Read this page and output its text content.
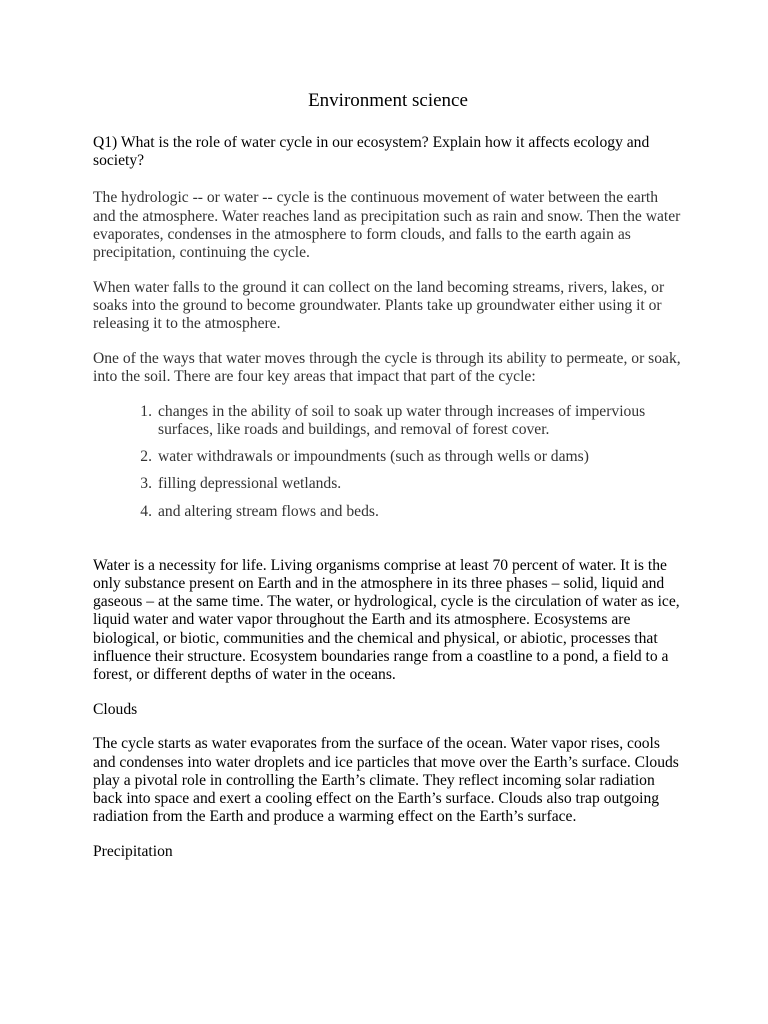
Environment science

Q1) What is the role of water cycle in our ecosystem? Explain how it affects ecology and society?

The hydrologic -- or water -- cycle is the continuous movement of water between the earth and the atmosphere. Water reaches land as precipitation such as rain and snow. Then the water evaporates, condenses in the atmosphere to form clouds, and falls to the earth again as precipitation, continuing the cycle.

When water falls to the ground it can collect on the land becoming streams, rivers, lakes, or soaks into the ground to become groundwater. Plants take up groundwater either using it or releasing it to the atmosphere.

One of the ways that water moves through the cycle is through its ability to permeate, or soak, into the soil. There are four key areas that impact that part of the cycle:

1. changes in the ability of soil to soak up water through increases of impervious surfaces, like roads and buildings, and removal of forest cover.
2. water withdrawals or impoundments (such as through wells or dams)
3. filling depressional wetlands.
4. and altering stream flows and beds.

Water is a necessity for life. Living organisms comprise at least 70 percent of water. It is the only substance present on Earth and in the atmosphere in its three phases – solid, liquid and gaseous – at the same time. The water, or hydrological, cycle is the circulation of water as ice, liquid water and water vapor throughout the Earth and its atmosphere. Ecosystems are biological, or biotic, communities and the chemical and physical, or abiotic, processes that influence their structure. Ecosystem boundaries range from a coastline to a pond, a field to a forest, or different depths of water in the oceans.

Clouds

The cycle starts as water evaporates from the surface of the ocean. Water vapor rises, cools and condenses into water droplets and ice particles that move over the Earth’s surface. Clouds play a pivotal role in controlling the Earth’s climate. They reflect incoming solar radiation back into space and exert a cooling effect on the Earth’s surface. Clouds also trap outgoing radiation from the Earth and produce a warming effect on the Earth’s surface.

Precipitation
